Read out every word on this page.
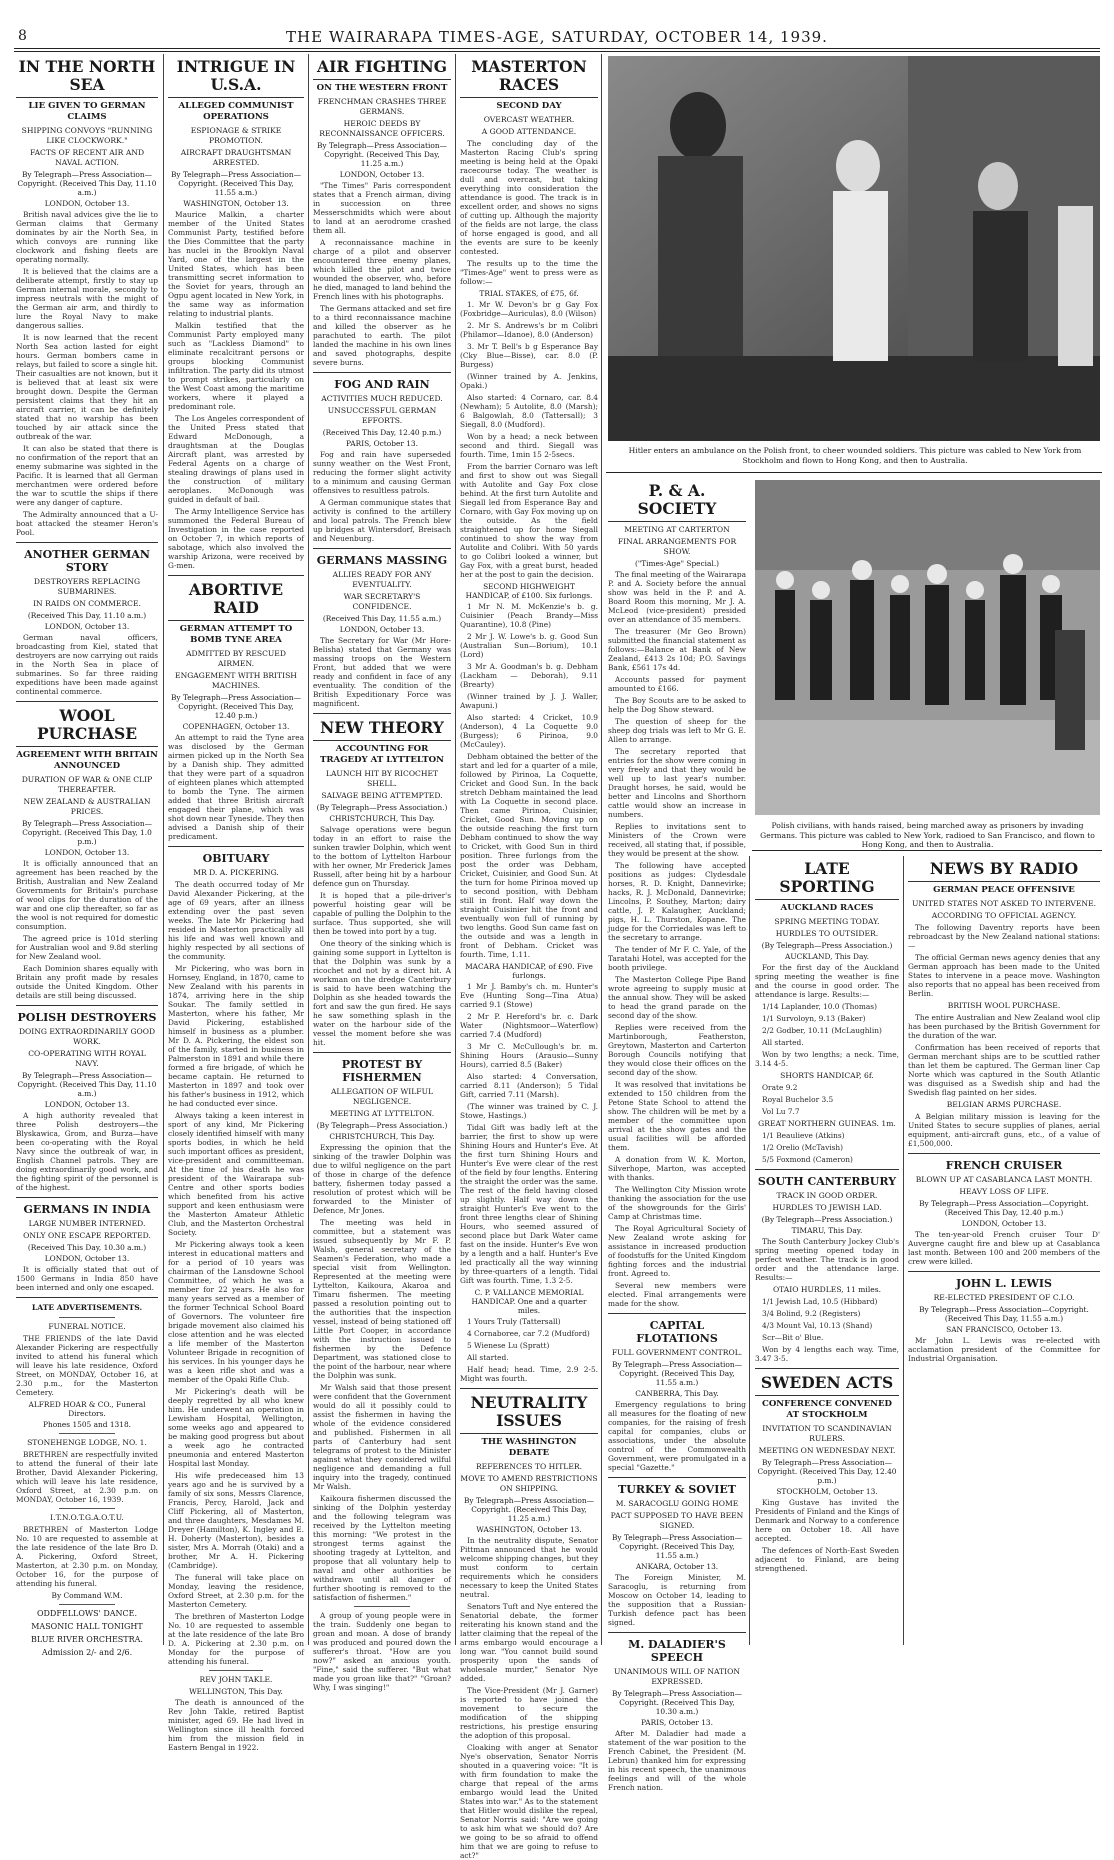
8	THE WAIRARAPA TIMES-AGE, SATURDAY, OCTOBER 14, 1939.
IN THE NORTH SEA
LIE GIVEN TO GERMAN CLAIMS
SHIPPING CONVOYS "RUNNING LIKE CLOCKWORK."
FACTS OF RECENT AIR AND NAVAL ACTION.
By Telegraph—Press Association—Copyright. (Received This Day, 11.10 a.m.)
LONDON, October 13.

British naval advices give the lie to German claims that Germany dominates by air the North Sea, in which convoys are running like clockwork and fishing fleets are operating normally.

It is believed that the claims are a deliberate attempt, firstly to stay up German internal morale, secondly to impress neutrals with the might of the German air arm, and thirdly to lure the Royal Navy to make dangerous sallies.

It is now learned that the recent North Sea action lasted for eight hours. German bombers came in relays, but failed to score a single hit. Their casualties are not known, but it is believed that at least six were brought down. Despite the German persistent claims that they hit an aircraft carrier, it can be definitely stated that no warship has been touched by air attack since the outbreak of the war.

It can also be stated that there is no confirmation of the report that an enemy submarine was sighted in the Pacific. It is learned that all German merchantmen were ordered before the war to scuttle the ships if there were any danger of capture.

The Admiralty announced that a U-boat attacked the steamer Heron's Pool.

ANOTHER GERMAN STORY
DESTROYERS REPLACING SUBMARINES.
IN RAIDS ON COMMERCE.
(Received This Day, 11.10 a.m.)
LONDON, October 13.

German naval officers, broadcasting from Kiel, stated that destroyers are now carrying out raids in the North Sea in place of submarines. So far three raiding expeditions have been made against continental commerce.

WOOL PURCHASE
AGREEMENT WITH BRITAIN ANNOUNCED
DURATION OF WAR & ONE CLIP THEREAFTER.
NEW ZEALAND & AUSTRALIAN PRICES.
By Telegraph—Press Association—Copyright. (Received This Day, 1.0 p.m.)
LONDON, October 13.

It is officially announced that an agreement has been reached by the British, Australian and New Zealand Governments for Britain's purchase of wool clips for the duration of the war and one clip thereafter, so far as the wool is not required for domestic consumption.

The agreed price is 101d sterling for Australian wool and 9.8d sterling for New Zealand wool.

Each Dominion shares equally with Britain any profit made by resales outside the United Kingdom. Other details are still being discussed.

POLISH DESTROYERS
DOING EXTRAORDINARILY GOOD WORK.
CO-OPERATING WITH ROYAL NAVY.
By Telegraph—Press Association—Copyright. (Received This Day, 11.10 a.m.)
LONDON, October 13.

A high authority revealed that three Polish destroyers—the Blyskawica, Grom, and Burza—have been co-operating with the Royal Navy since the outbreak of war, in English Channel patrols. They are doing extraordinarily good work, and the fighting spirit of the personnel is of the highest.

GERMANS IN INDIA
LARGE NUMBER INTERNED.
ONLY ONE ESCAPE REPORTED.
(Received This Day, 10.30 a.m.)
LONDON, October 13.

It is officially stated that out of 1500 Germans in India 850 have been interned and only one escaped.

LATE ADVERTISEMENTS.
FUNERAL NOTICE.

THE FRIENDS of the late David Alexander Pickering are respectfully invited to attend his funeral which will leave his late residence, Oxford Street, on MONDAY, October 16, at 2.30 p.m., for the Masterton Cemetery.

ALFRED HOAR & CO., Funeral Directors.
Phones 1505 and 1318.
STONEHENGE LODGE, NO. 1.

BRETHREN are respectfully invited to attend the funeral of their late Brother, David Alexander Pickering, which will leave his late residence, Oxford Street, at 2.30 p.m. on MONDAY, October 16, 1939.

I.T.N.O.T.G.A.O.T.U.

BRETHREN of Masterton Lodge No. 10 are requested to assemble at the late residence of the late Bro D. A. Pickering, Oxford Street, Masterton, at 2.30 p.m. on Monday, October 16, for the purpose of attending his funeral.

By Command W.M.
ODDFELLOWS' DANCE.
MASONIC HALL TONIGHT
BLUE RIVER ORCHESTRA.
Admission 2/- and 2/6.
INTRIGUE IN U.S.A.
ALLEGED COMMUNIST OPERATIONS
ESPIONAGE & STRIKE PROMOTION.
AIRCRAFT DRAUGHTSMAN ARRESTED.
By Telegraph—Press Association—Copyright. (Received This Day, 11.55 a.m.)
WASHINGTON, October 13.

Maurice Malkin, a charter member of the United States Communist Party, testified before the Dies Committee that the party has nuclei in the Brooklyn Naval Yard, one of the largest in the United States, which has been transmitting secret information to the Soviet for years, through an Ogpu agent located in New York, in the same way as information relating to industrial plants.

Malkin testified that the Communist Party employed many such as "Lackless Diamond" to eliminate recalcitrant persons or groups blocking Communist infiltration. The party did its utmost to prompt strikes, particularly on the West Coast among the maritime workers, where it played a predominant role.

The Los Angeles correspondent of the United Press stated that Edward McDonough, a draughtsman at the Douglas Aircraft plant, was arrested by Federal Agents on a charge of stealing drawings of plans used in the construction of military aeroplanes. McDonough was guided in default of bail.

The Army Intelligence Service has summoned the Federal Bureau of Investigation in the case reported on October 7, in which reports of sabotage, which also involved the warship Arizona, were received by G-men.

ABORTIVE RAID
GERMAN ATTEMPT TO BOMB TYNE AREA
ADMITTED BY RESCUED AIRMEN.
ENGAGEMENT WITH BRITISH MACHINES.
By Telegraph—Press Association—Copyright. (Received This Day, 12.40 p.m.)
COPENHAGEN, October 13.

An attempt to raid the Tyne area was disclosed by the German airmen picked up in the North Sea by a Danish ship. They admitted that they were part of a squadron of eighteen planes which attempted to bomb the Tyne. The airmen added that three British aircraft engaged their plane, which was shot down near Tyneside. They then advised a Danish ship of their predicament.

OBITUARY
MR D. A. PICKERING.

The death occurred today of Mr David Alexander Pickering, at the age of 69 years, after an illness extending over the past seven weeks. The late Mr Pickering had resided in Masterton practically all his life and was well known and highly respected by all sections of the community.

Mr Pickering, who was born in Hornsey, England, in 1870, came to New Zealand with his parents in 1874, arriving here in the ship Soukar. The family settled in Masterton, where his father, Mr David Pickering, established himself in business as a plumber. Mr D. A. Pickering, the eldest son of the family, started in business in Palmerston in 1891 and while there formed a fire brigade, of which he became captain. He returned to Masterton in 1897 and took over his father's business in 1912, which he had conducted ever since.

Always taking a keen interest in sport of any kind, Mr Pickering closely identified himself with many sports bodies, in which he held such important offices as president, vice-president and committeeman. At the time of his death he was president of the Wairarapa sub-Centre and other sports bodies which benefited from his active support and keen enthusiasm were the Masterton Amateur Athletic Club, and the Masterton Orchestral Society.

Mr Pickering always took a keen interest in educational matters and for a period of 10 years was chairman of the Lansdowne School Committee, of which he was a member for 22 years. He also for many years served as a member of the former Technical School Board of Governors. The volunteer fire brigade movement also claimed his close attention and he was elected a life member of the Masterton Volunteer Brigade in recognition of his services. In his younger days he was a keen rifle shot and was a member of the Opaki Rifle Club.

Mr Pickering's death will be deeply regretted by all who knew him. He underwent an operation in Lewisham Hospital, Wellington, some weeks ago and appeared to be making good progress but about a week ago he contracted pneumonia and entered Masterton Hospital last Monday.

His wife predeceased him 13 years ago and he is survived by a family of six sons, Messrs Clarence, Francis, Percy, Harold, Jack and Cliff Pickering, all of Masterton, and three daughters, Mesdames M. Dreyer (Hamilton), K. Ingley and E. H. Doherty (Masterton), besides a sister, Mrs A. Morrah (Otaki) and a brother, Mr A. H. Pickering (Cambridge).

The funeral will take place on Monday, leaving the residence, Oxford Street, at 2.30 p.m. for the Masterton Cemetery.

The brethren of Masterton Lodge No. 10 are requested to assemble at the late residence of the late Bro D. A. Pickering at 2.30 p.m. on Monday for the purpose of attending his funeral.

REV JOHN TAKLE.
WELLINGTON, This Day.

The death is announced of the Rev John Takle, retired Baptist minister, aged 69. He had lived in Wellington since ill health forced him from the mission field in Eastern Bengal in 1922.

AIR FIGHTING
ON THE WESTERN FRONT
FRENCHMAN CRASHES THREE GERMANS.
HEROIC DEEDS BY RECONNAISSANCE OFFICERS.
By Telegraph—Press Association—Copyright. (Received This Day, 11.25 a.m.)
LONDON, October 13.

"The Times" Paris correspondent states that a French airman, diving in succession on three Messerschmidts which were about to land at an aerodrome crashed them all.

A reconnaissance machine in charge of a pilot and observer encountered three enemy planes, which killed the pilot and twice wounded the observer, who, before he died, managed to land behind the French lines with his photographs.

The Germans attacked and set fire to a third reconnaissance machine and killed the observer as he parachuted to earth. The pilot landed the machine in his own lines and saved photographs, despite severe burns.

FOG AND RAIN
ACTIVITIES MUCH REDUCED.
UNSUCCESSFUL GERMAN EFFORTS.
(Received This Day, 12.40 p.m.)
PARIS, October 13.

Fog and rain have superseded sunny weather on the West Front, reducing the former slight activity to a minimum and causing German offensives to resultless patrols.

A German communique states that activity is confined to the artillery and local patrols. The French blew up bridges at Wintersdorf, Breisach and Neuenburg.

GERMANS MASSING
ALLIES READY FOR ANY EVENTUALITY.
WAR SECRETARY'S CONFIDENCE.
(Received This Day, 11.55 a.m.)
LONDON, October 13.

The Secretary for War (Mr Hore-Belisha) stated that Germany was massing troops on the Western Front, but added that we were ready and confident in face of any eventuality. The condition of the British Expeditionary Force was magnificent.

NEW THEORY
ACCOUNTING FOR TRAGEDY AT LYTTELTON
LAUNCH HIT BY RICOCHET SHELL.
SALVAGE BEING ATTEMPTED.
(By Telegraph—Press Association.)
CHRISTCHURCH, This Day.

Salvage operations were begun today in an effort to raise the sunken trawler Dolphin, which went to the bottom of Lyttelton Harbour with her owner, Mr Frederick James Russell, after being hit by a harbour defence gun on Thursday.

It is hoped that a pile-driver's powerful hoisting gear will be capable of pulling the Dolphin to the surface. Thus supported, she will then be towed into port by a tug.

One theory of the sinking which is gaining some support in Lyttelton is that the Dolphin was sunk by a ricochet and not by a direct hit. A workman on the dredge Canterbury is said to have been watching the Dolphin as she headed towards the fort and saw the gun fired. He says he saw something splash in the water on the harbour side of the vessel the moment before she was hit.

PROTEST BY FISHERMEN
ALLEGATION OF WILFUL NEGLIGENCE.
MEETING AT LYTTELTON.
(By Telegraph—Press Association.)
CHRISTCHURCH, This Day.

Expressing the opinion that the sinking of the trawler Dolphin was due to wilful negligence on the part of those in charge of the defence battery, fishermen today passed a resolution of protest which will be forwarded to the Minister of Defence, Mr Jones.

The meeting was held in committee, but a statement was issued subsequently by Mr F. P. Walsh, general secretary of the Seamen's Federation, who made a special visit from Wellington. Represented at the meeting were Lyttelton, Kaikoura, Akaroa and Timaru fishermen. The meeting passed a resolution pointing out to the authorities that the inspection vessel, instead of being stationed off Little Port Cooper, in accordance with the instruction issued to fishermen by the Defence Department, was stationed close to the point of the harbour, near where the Dolphin was sunk.

Mr Walsh said that those present were confident that the Government would do all it possibly could to assist the fishermen in having the whole of the evidence considered and published. Fishermen in all parts of Canterbury had sent telegrams of protest to the Minister against what they considered wilful negligence and demanding a full inquiry into the tragedy, continued Mr Walsh.

Kaikoura fishermen discussed the sinking of the Dolphin yesterday and the following telegram was received by the Lyttelton meeting this morning: "We protest in the strongest terms against the shooting tragedy at Lyttelton, and propose that all voluntary help to naval and other authorities be withdrawn until all danger of further shooting is removed to the satisfaction of fishermen."

A group of young people were in the train. Suddenly one began to groan and moan. A dose of brandy was produced and poured down the sufferer's throat. "How are you now?" asked an anxious youth. "Fine," said the sufferer. "But what made you groan like that?" "Groan? Why, I was singing!"

MASTERTON RACES
SECOND DAY
OVERCAST WEATHER.
A GOOD ATTENDANCE.

The concluding day of the Masterton Racing Club's spring meeting is being held at the Opaki racecourse today. The weather is dull and overcast, but taking everything into consideration the attendance is good. The track is in excellent order, and shows no signs of cutting up. Although the majority of the fields are not large, the class of horse engaged is good, and all the events are sure to be keenly contested.

The results up to the time the "Times-Age" went to press were as follow:—

TRIAL STAKES, of £75, 6f.

1. Mr W. Devon's br g Gay Fox (Foxbridge—Auriculas), 8.0 (Wilson)

2. Mr S. Andrews's br m Colibri (Philamor—Idanoe), 8.0 (Anderson)

3. Mr T. Bell's b g Esperance Bay (Cky Blue—Bisse), car. 8.0 (P. Burgess)

(Winner trained by A. Jenkins, Opaki.)

Also started: 4 Cornaro, car. 8.4 (Newham); 5 Autolite, 8.0 (Marsh); 6 Balgowlah, 8.0 (Tattersall); 3 Siegall, 8.0 (Mudford).

Won by a head; a neck between second and third. Siegall was fourth. Time, 1min 15 2-5secs.

From the barrier Cornaro was left and first to show out was Siegall with Autolite and Gay Fox close behind. At the first turn Autolite and Siegall led from Esperance Bay and Cornaro, with Gay Fox moving up on the outside. As the field straightened up for home Siegall continued to show the way from Autolite and Colibri. With 50 yards to go Colibri looked a winner, but Gay Fox, with a great burst, headed her at the post to gain the decision.

SECOND HIGHWEIGHT HANDICAP, of £100. Six furlongs.

1 Mr N. M. McKenzie's b. g. Cuisinier (Peach Brandy—Miss Quarantine), 10.8 (Pine)

2 Mr J. W. Lowe's b. g. Good Sun (Australian Sun—Borium), 10.1 (Lord)

3 Mr A. Goodman's b. g. Debham (Lackham — Deborah), 9.11 (Brearty)

(Winner trained by J. J. Waller, Awapuni.)

Also started: 4 Cricket, 10.9 (Anderson), 4 La Coquette 9.0 (Burgess); 6 Pirinoa, 9.0 (McCauley).

Debham obtained the better of the start and led for a quarter of a mile, followed by Pirinoa, La Coquette, Cricket and Good Sun. In the back stretch Debham maintained the lead with La Coquette in second place. Then came Pirinoa, Cuisinier, Cricket, Good Sun. Moving up on the outside reaching the first turn Debham continued to show the way to Cricket, with Good Sun in third position. Three furlongs from the post the order was Debham, Cricket, Cuisinier, and Good Sun. At the turn for home Pirinoa moved up to second position, with Debham still in front. Half way down the straight Cuisinier hit the front and eventually won full of running by two lengths. Good Sun came fast on the outside and was a length in front of Debham. Cricket was fourth. Time, 1.11.

MACARA HANDICAP, of £90. Five furlongs.

1 Mr J. Bamby's ch. m. Hunter's Eve (Hunting Song—Tina Atua) carried 9.1 (Stowe)

2 Mr P. Hereford's br. c. Dark Water (Nightsmoor—Waterflow) carried 7.4 (Mudford)

3 Mr C. McCullough's br. m. Shining Hours (Arausio—Sunny Hours), carried 8.5 (Baker)

Also started: 4 Conversation, carried 8.11 (Anderson); 5 Tidal Gift, carried 7.11 (Marsh).

(The winner was trained by C. J. Stowe, Hastings.)

Tidal Gift was badly left at the barrier, the first to show up were Shining Hours and Hunter's Eve. At the first turn Shining Hours and Hunter's Eve were clear of the rest of the field by four lengths. Entering the straight the order was the same. The rest of the field having closed up slightly. Half way down the straight Hunter's Eve went to the front three lengths clear of Shining Hours, who seemed assured of second place but Dark Water came fast on the inside. Hunter's Eve won by a length and a half. Hunter's Eve led practically all the way winning by three-quarters of a length. Tidal Gift was fourth. Time, 1.3 2-5.

C. P. VALLANCE MEMORIAL HANDICAP. One and a quarter miles.

1 Yours Truly (Tattersall)

4 Cornaboree, car 7.2 (Mudford)

5 Wienese Lu (Spratt)

All started.

Half head; head. Time, 2.9 2-5. Might was fourth.

NEUTRALITY ISSUES
THE WASHINGTON DEBATE
REFERENCES TO HITLER.
MOVE TO AMEND RESTRICTIONS ON SHIPPING.
By Telegraph—Press Association—Copyright. (Received This Day, 11.25 a.m.)
WASHINGTON, October 13.

In the neutrality dispute, Senator Pittman announced that he would welcome shipping changes, but they must conform to certain requirements which he considers necessary to keep the United States neutral.

Senators Tuft and Nye entered the Senatorial debate, the former reiterating his known stand and the latter claiming that the repeal of the arms embargo would encourage a long war. "You cannot build sound prosperity upon the sands of wholesale murder," Senator Nye added.

The Vice-President (Mr J. Garner) is reported to have joined the movement to secure the modification of the shipping restrictions, his prestige ensuring the adoption of this proposal.

Cloaking with anger at Senator Nye's observation, Senator Norris shouted in a quavering voice: "It is with firm foundation to make the charge that repeal of the arms embargo would lead the United States into war." As to the statement that Hitler would dislike the repeal, Senator Norris said: "Are we going to ask him what we should do? Are we going to be so afraid to offend him that we are going to refuse to act?"

Hitler enters an ambulance on the Polish front, to cheer wounded soldiers. This picture was cabled to New York from Stockholm and flown to Hong Kong, and then to Australia.
P. & A. SOCIETY
MEETING AT CARTERTON
FINAL ARRANGEMENTS FOR SHOW.
("Times-Age" Special.)

The final meeting of the Wairarapa P. and A. Society before the annual show was held in the P. and A. Board Room this morning, Mr J. A. McLeod (vice-president) presided over an attendance of 35 members.

The treasurer (Mr Geo Brown) submitted the financial statement as follows:—Balance at Bank of New Zealand, £413 2s 10d; P.O. Savings Bank, £561 17s 4d.

Accounts passed for payment amounted to £166.

The Boy Scouts are to be asked to help the Dog Show steward.

The question of sheep for the sheep dog trials was left to Mr G. E. Allen to arrange.

The secretary reported that entries for the show were coming in very freely and that they would be well up to last year's number. Draught horses, he said, would be better and Lincolns and Shorthorn cattle would show an increase in numbers.

Replies to invitations sent to Ministers of the Crown were received, all stating that, if possible, they would be present at the show.

The following have accepted positions as judges: Clydesdale horses, R. D. Knight, Dannevirke; hacks, R. J. McDonald, Dannevirke; Lincolns, P. Southey, Marton; dairy cattle, J. P. Kalaugher, Auckland; pigs, H. L. Thurston, Kopane. The judge for the Corriedales was left to the secretary to arrange.

The tender of Mr F. C. Yale, of the Taratahi Hotel, was accepted for the booth privilege.

The Masterton College Pipe Band wrote agreeing to supply music at the annual show. They will be asked to head the grand parade on the second day of the show.

Replies were received from the Martinborough, Featherston, Greytown, Masterton and Carterton Borough Councils notifying that they would close their offices on the second day of the show.

It was resolved that invitations be extended to 150 children from the Petone State School to attend the show. The children will be met by a member of the committee upon arrival at the show gates and the usual facilities will be afforded them.

A donation from W. K. Morton, Silverhope, Marton, was accepted with thanks.

The Wellington City Mission wrote thanking the association for the use of the showgrounds for the Girls' Camp at Christmas time.

The Royal Agricultural Society of New Zealand wrote asking for assistance in increased production of foodstuffs for the United Kingdom fighting forces and the industrial front. Agreed to.

Several new members were elected. Final arrangements were made for the show.

CAPITAL FLOTATIONS
FULL GOVERNMENT CONTROL.
By Telegraph—Press Association—Copyright. (Received This Day, 11.55 a.m.)
CANBERRA, This Day.

Emergency regulations to bring all measures for the floating of new companies, for the raising of fresh capital for companies, clubs or associations, under the absolute control of the Commonwealth Government, were promulgated in a special "Gazette."

TURKEY & SOVIET
M. SARACOGLU GOING HOME
PACT SUPPOSED TO HAVE BEEN SIGNED.
By Telegraph—Press Association—Copyright. (Received This Day, 11.55 a.m.)
ANKARA, October 13.

The Foreign Minister, M. Saracoglu, is returning from Moscow on October 14, leading to the supposition that a Russian-Turkish defence pact has been signed.

M. DALADIER'S SPEECH
UNANIMOUS WILL OF NATION EXPRESSED.
By Telegraph—Press Association—Copyright. (Received This Day, 10.30 a.m.)
PARIS, October 13.

After M. Daladier had made a statement of the war position to the French Cabinet, the President (M. Lebrun) thanked him for expressing in his recent speech, the unanimous feelings and will of the whole French nation.

Polish civilians, with hands raised, being marched away as prisoners by invading Germans. This picture was cabled to New York, radioed to San Francisco, and flown to Hong Kong, and then to Australia.
LATE SPORTING
AUCKLAND RACES
SPRING MEETING TODAY.
HURDLES TO OUTSIDER.
(By Telegraph—Press Association.)
AUCKLAND, This Day.

For the first day of the Auckland spring meeting the weather is fine and the course in good order. The attendance is large. Results:—

1/14 Laplander, 10.0 (Thomas)

1/1 Survoloyn, 9.13 (Baker)

2/2 Godber, 10.11 (McLaughlin)

All started.

Won by two lengths; a neck. Time, 3.14 4-5.

SHORTS HANDICAP, 6f.

Orate 9.2

Royal Buchelor 3.5

Vol Lu 7.7

GREAT NORTHERN GUINEAS. 1m.

1/1 Beaulieve (Atkins)

1/2 Orelio (McTavish)

5/5 Foxmond (Cameron)

SOUTH CANTERBURY
TRACK IN GOOD ORDER.
HURDLES TO JEWISH LAD.
(By Telegraph—Press Association.)
TIMARU, This Day.

The South Canterbury Jockey Club's spring meeting opened today in perfect weather. The track is in good order and the attendance large. Results:—

OTAIO HURDLES, 11 miles.

1/1 Jewish Lad, 10.5 (Hibbard)

3/4 Bolind, 9.2 (Registers)

4/3 Mount Val, 10.13 (Shand)

Scr—Bit o' Blue.

Won by 4 lengths each way. Time, 3.47 3-5.

SWEDEN ACTS
CONFERENCE CONVENED AT STOCKHOLM
INVITATION TO SCANDINAVIAN RULERS.
MEETING ON WEDNESDAY NEXT.
By Telegraph—Press Association—Copyright. (Received This Day, 12.40 p.m.)
STOCKHOLM, October 13.

King Gustave has invited the Presidents of Finland and the Kings of Denmark and Norway to a conference here on October 18. All have accepted.

The defences of North-East Sweden adjacent to Finland, are being strengthened.

NEWS BY RADIO
GERMAN PEACE OFFENSIVE
UNITED STATES NOT ASKED TO INTERVENE.
ACCORDING TO OFFICIAL AGENCY.

The following Daventry reports have been rebroadcast by the New Zealand national stations:—

The official German news agency denies that any German approach has been made to the United States to intervene in a peace move. Washington also reports that no appeal has been received from Berlin.

BRITISH WOOL PURCHASE.

The entire Australian and New Zealand wool clip has been purchased by the British Government for the duration of the war.

Confirmation has been received of reports that German merchant ships are to be scuttled rather than let them be captured. The German liner Cap Norte which was captured in the South Atlantic was disguised as a Swedish ship and had the Swedish flag painted on her sides.

BELGIAN ARMS PURCHASE.

A Belgian military mission is leaving for the United States to secure supplies of planes, aerial equipment, anti-aircraft guns, etc., of a value of £1,500,000.

FRENCH CRUISER
BLOWN UP AT CASABLANCA LAST MONTH.
HEAVY LOSS OF LIFE.
By Telegraph—Press Association—Copyright. (Received This Day, 12.40 p.m.)
LONDON, October 13.

The ten-year-old French cruiser Tour D' Auvergne caught fire and blew up at Casablanca last month. Between 100 and 200 members of the crew were killed.

JOHN L. LEWIS
RE-ELECTED PRESIDENT OF C.I.O.
By Telegraph—Press Association—Copyright. (Received This Day, 11.55 a.m.)
SAN FRANCISCO, October 13.

Mr John L. Lewis was re-elected with acclamation president of the Committee for Industrial Organisation.
